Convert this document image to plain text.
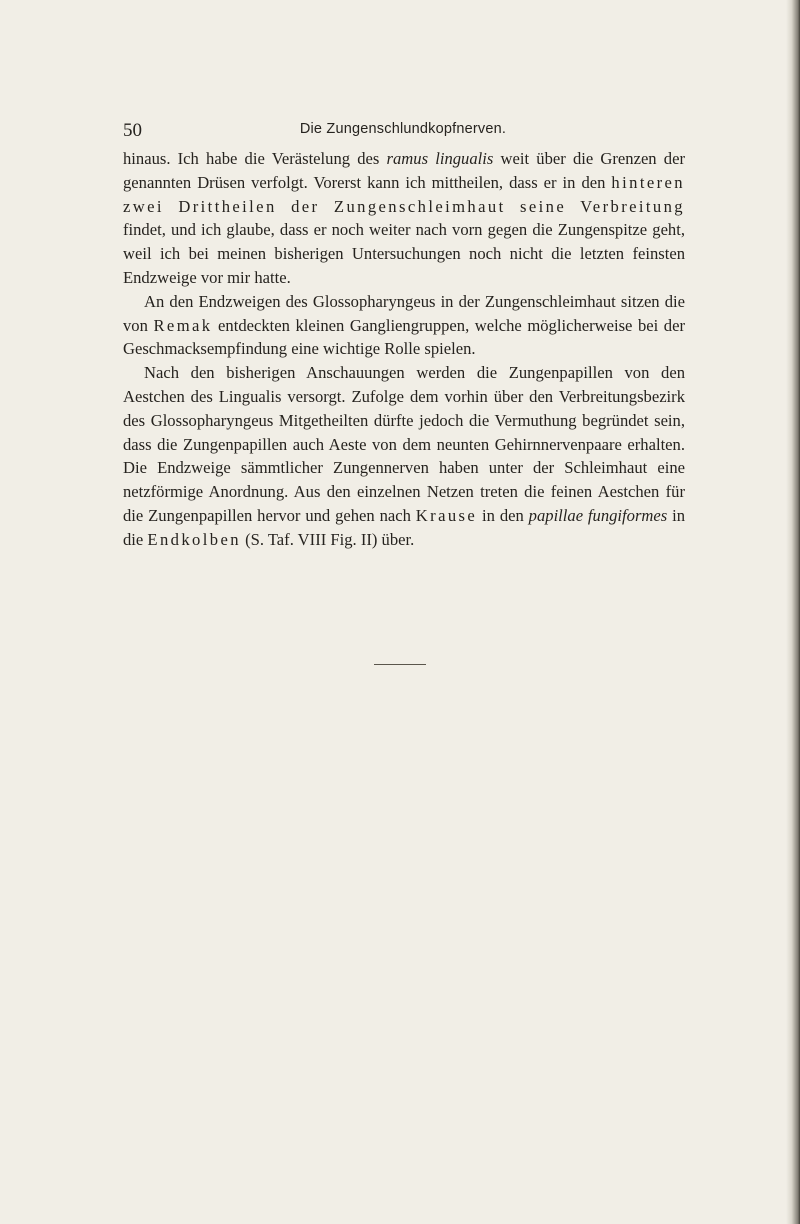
50	Die Zungenschlundkopfnerven.

hinaus. Ich habe die Verästelung des ramus lingualis weit über die Grenzen der genannten Drüsen verfolgt. Vorerst kann ich mittheilen, dass er in den hinteren zwei Drittheilen der Zungenschleimhaut seine Verbreitung findet, und ich glaube, dass er noch weiter nach vorn gegen die Zungenspitze geht, weil ich bei meinen bisherigen Untersuchungen noch nicht die letzten feinsten Endzweige vor mir hatte.

An den Endzweigen des Glossopharyngeus in der Zungenschleimhaut sitzen die von Remak entdeckten kleinen Gangliengruppen, welche möglicherweise bei der Geschmacksempfindung eine wichtige Rolle spielen.

Nach den bisherigen Anschauungen werden die Zungenpapillen von den Aestchen des Lingualis versorgt. Zufolge dem vorhin über den Verbreitungsbezirk des Glossopharyngeus Mitgetheilten dürfte jedoch die Vermuthung begründet sein, dass die Zungenpapillen auch Aeste von dem neunten Gehirnnervenpaare erhalten. Die Endzweige sämmtlicher Zungennerven haben unter der Schleimhaut eine netzförmige Anordnung. Aus den einzelnen Netzen treten die feinen Aestchen für die Zungenpapillen hervor und gehen nach Krause in den papillae fungiformes in die Endkolben (S. Taf. VIII Fig. II) über.
